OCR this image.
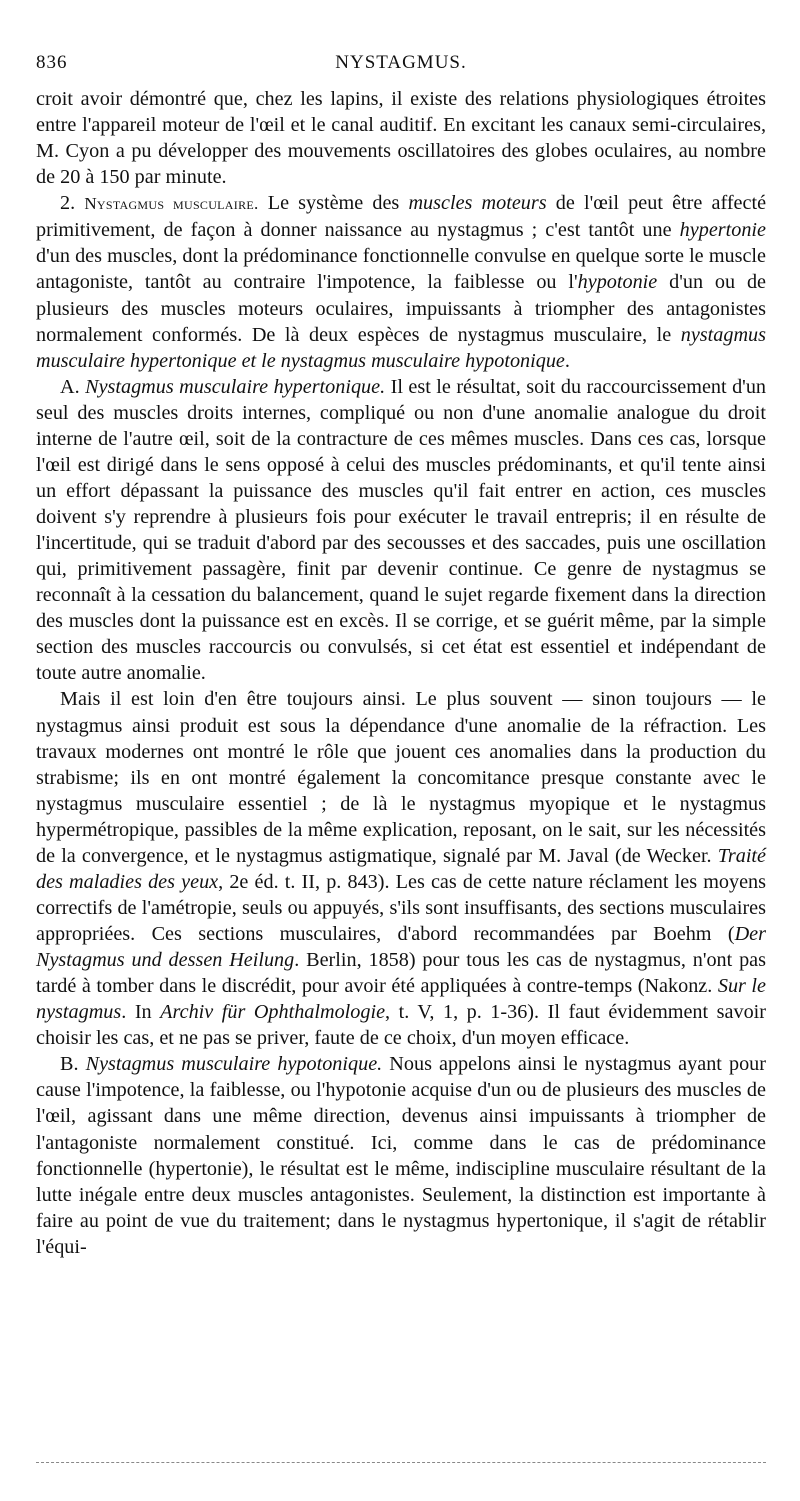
836	NYSTAGMUS.

croit avoir démontré que, chez les lapins, il existe des relations physiologiques étroites entre l'appareil moteur de l'œil et le canal auditif. En excitant les canaux semi-circulaires, M. Cyon a pu développer des mouvements oscillatoires des globes oculaires, au nombre de 20 à 150 par minute.

2. Nystagmus musculaire. Le système des muscles moteurs de l'œil peut être affecté primitivement, de façon à donner naissance au nystagmus ; c'est tantôt une hypertonie d'un des muscles, dont la prédominance fonctionnelle convulse en quelque sorte le muscle antagoniste, tantôt au contraire l'impotence, la faiblesse ou l'hypotonie d'un ou de plusieurs des muscles moteurs oculaires, impuissants à triompher des antagonistes normalement conformés. De là deux espèces de nystagmus musculaire, le nystagmus musculaire hypertonique et le nystagmus musculaire hypotonique.

A. Nystagmus musculaire hypertonique. Il est le résultat, soit du raccourcissement d'un seul des muscles droits internes, compliqué ou non d'une anomalie analogue du droit interne de l'autre œil, soit de la contracture de ces mêmes muscles. Dans ces cas, lorsque l'œil est dirigé dans le sens opposé à celui des muscles prédominants, et qu'il tente ainsi un effort dépassant la puissance des muscles qu'il fait entrer en action, ces muscles doivent s'y reprendre à plusieurs fois pour exécuter le travail entrepris; il en résulte de l'incertitude, qui se traduit d'abord par des secousses et des saccades, puis une oscillation qui, primitivement passagère, finit par devenir continue. Ce genre de nystagmus se reconnaît à la cessation du balancement, quand le sujet regarde fixement dans la direction des muscles dont la puissance est en excès. Il se corrige, et se guérit même, par la simple section des muscles raccourcis ou convulsés, si cet état est essentiel et indépendant de toute autre anomalie.

Mais il est loin d'en être toujours ainsi. Le plus souvent — sinon toujours — le nystagmus ainsi produit est sous la dépendance d'une anomalie de la réfraction. Les travaux modernes ont montré le rôle que jouent ces anomalies dans la production du strabisme; ils en ont montré également la concomitance presque constante avec le nystagmus musculaire essentiel ; de là le nystagmus myopique et le nystagmus hypermétropique, passibles de la même explication, reposant, on le sait, sur les nécessités de la convergence, et le nystagmus astigmatique, signalé par M. Javal (de Wecker. Traité des maladies des yeux, 2e éd. t. II, p. 843). Les cas de cette nature réclament les moyens correctifs de l'amétropie, seuls ou appuyés, s'ils sont insuffisants, des sections musculaires appropriées. Ces sections musculaires, d'abord recommandées par Boehm (Der Nystagmus und dessen Heilung. Berlin, 1858) pour tous les cas de nystagmus, n'ont pas tardé à tomber dans le discrédit, pour avoir été appliquées à contre-temps (Nakonz. Sur le nystagmus. In Archiv für Ophthalmologie, t. V, 1, p. 1-36). Il faut évidemment savoir choisir les cas, et ne pas se priver, faute de ce choix, d'un moyen efficace.

B. Nystagmus musculaire hypotonique. Nous appelons ainsi le nystagmus ayant pour cause l'impotence, la faiblesse, ou l'hypotonie acquise d'un ou de plusieurs des muscles de l'œil, agissant dans une même direction, devenus ainsi impuissants à triompher de l'antagoniste normalement constitué. Ici, comme dans le cas de prédominance fonctionnelle (hypertonie), le résultat est le même, indiscipline musculaire résultant de la lutte inégale entre deux muscles antagonistes. Seulement, la distinction est importante à faire au point de vue du traitement; dans le nystagmus hypertonique, il s'agit de rétablir l'équi-
